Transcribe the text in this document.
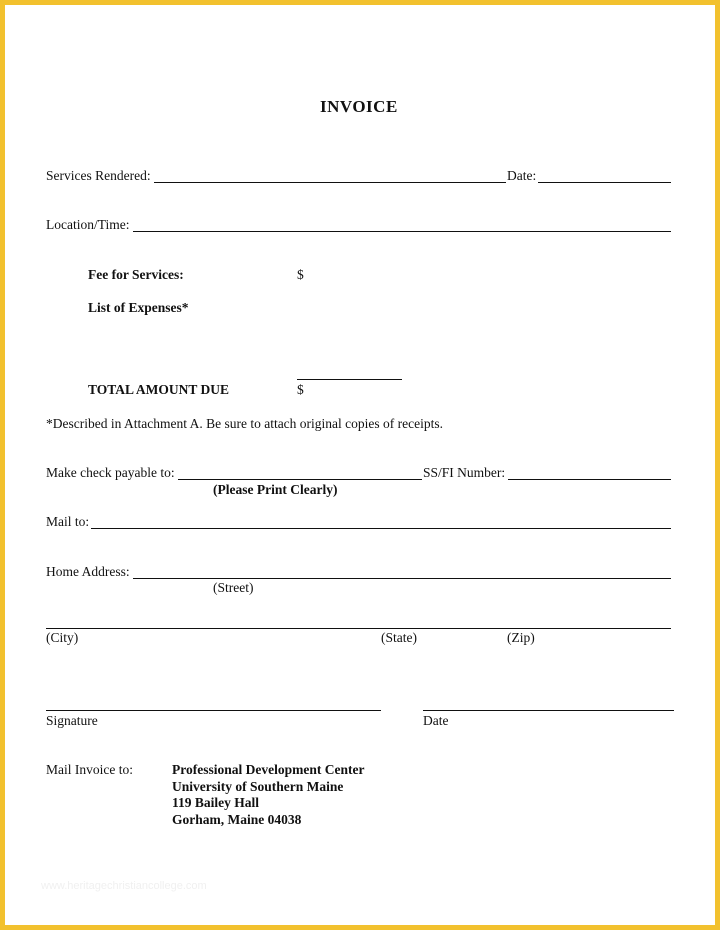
INVOICE
Services Rendered:	Date:
Location/Time:
Fee for Services:	$
List of Expenses*
TOTAL AMOUNT DUE	$
*Described in Attachment A. Be sure to attach original copies of receipts.
Make check payable to:	SS/FI Number:
(Please Print Clearly)
Mail to:
Home Address:
(Street)
(City)	(State)	(Zip)
Signature	Date
Mail Invoice to:	Professional Development Center
University of Southern Maine
119 Bailey Hall
Gorham, Maine 04038
www.heritagechristiancollege.com
